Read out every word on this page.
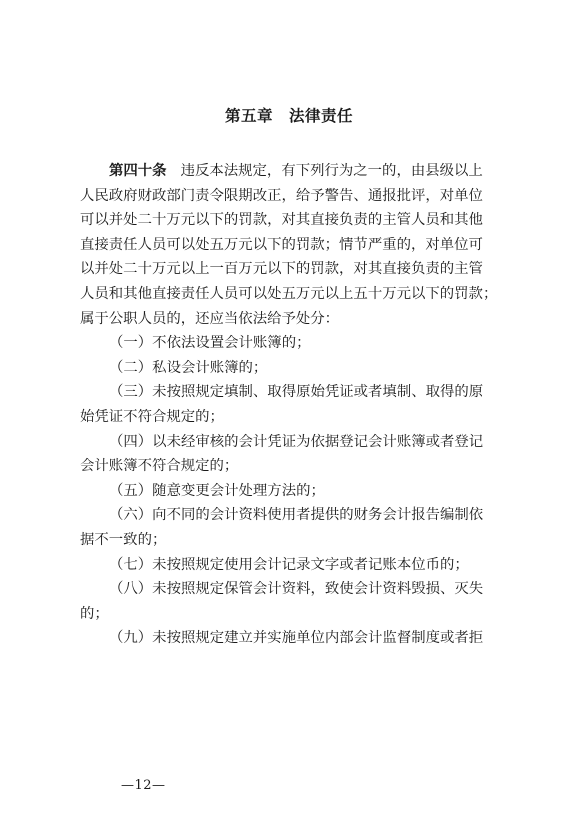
第五章　法律责任
第四十条 违反本法规定，有下列行为之一的，由县级以上
人民政府财政部门责令限期改正，给予警告、通报批评，对单位
可以并处二十万元以下的罚款，对其直接负责的主管人员和其他
直接责任人员可以处五万元以下的罚款；情节严重的，对单位可
以并处二十万元以上一百万元以下的罚款，对其直接负责的主管
人员和其他直接责任人员可以处五万元以上五十万元以下的罚款；
属于公职人员的，还应当依法给予处分：
（一）不依法设置会计账簿的；
（二）私设会计账簿的；
（三）未按照规定填制、取得原始凭证或者填制、取得的原
始凭证不符合规定的；
（四）以未经审核的会计凭证为依据登记会计账簿或者登记
会计账簿不符合规定的；
（五）随意变更会计处理方法的；
（六）向不同的会计资料使用者提供的财务会计报告编制依
据不一致的；
（七）未按照规定使用会计记录文字或者记账本位币的；
（八）未按照规定保管会计资料，致使会计资料毁损、灭失
的；
（九）未按照规定建立并实施单位内部会计监督制度或者拒
—12—
